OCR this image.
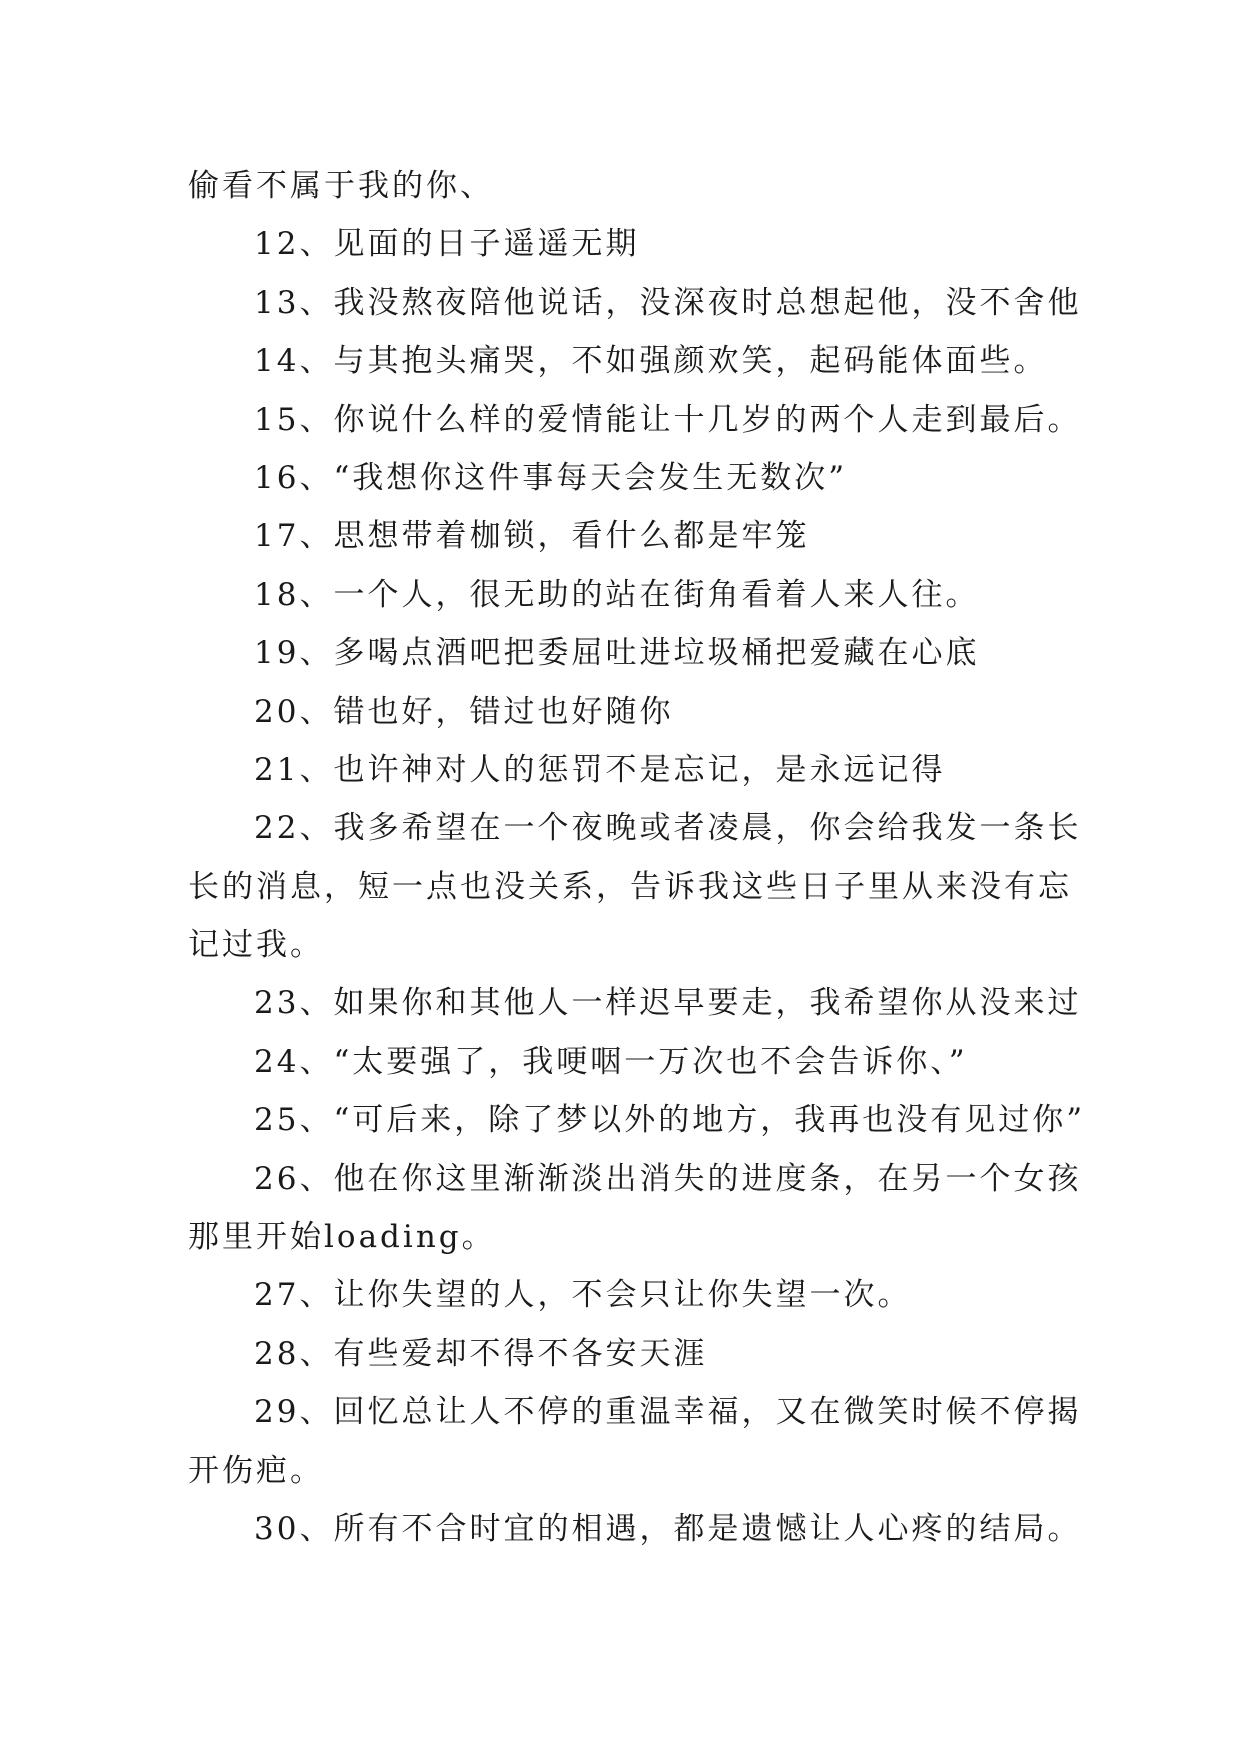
偷看不属于我的你、
12、见面的日子遥遥无期
13、我没熬夜陪他说话，没深夜时总想起他，没不舍他
14、与其抱头痛哭，不如强颜欢笑，起码能体面些。
15、你说什么样的爱情能让十几岁的两个人走到最后。
16、“我想你这件事每天会发生无数次”
17、思想带着枷锁，看什么都是牢笼
18、一个人，很无助的站在街角看着人来人往。
19、多喝点酒吧把委屈吐进垃圾桶把爱藏在心底
20、错也好，错过也好随你
21、也许神对人的惩罚不是忘记，是永远记得
22、我多希望在一个夜晚或者凌晨，你会给我发一条长
长的消息，短一点也没关系，告诉我这些日子里从来没有忘
记过我。
23、如果你和其他人一样迟早要走，我希望你从没来过
24、“太要强了，我哽咽一万次也不会告诉你、”
25、“可后来，除了梦以外的地方，我再也没有见过你”
26、他在你这里渐渐淡出消失的进度条，在另一个女孩
那里开始loading。
27、让你失望的人，不会只让你失望一次。
28、有些爱却不得不各安天涯
29、回忆总让人不停的重温幸福，又在微笑时候不停揭
开伤疤。
30、所有不合时宜的相遇，都是遗憾让人心疼的结局。
